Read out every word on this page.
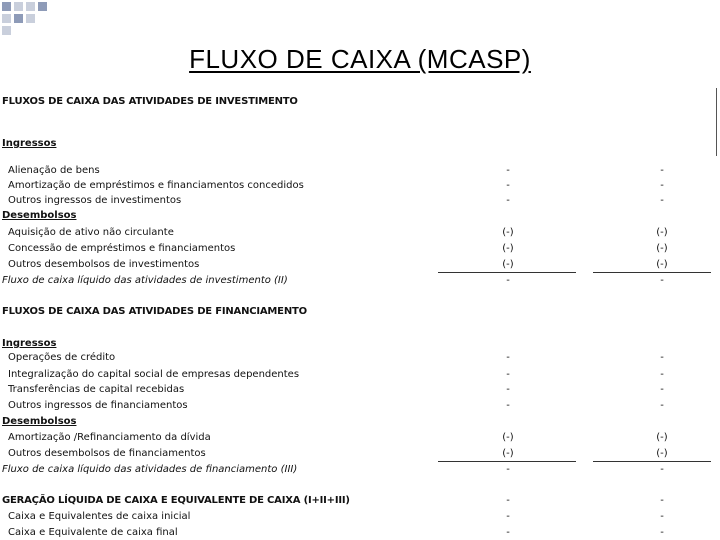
FLUXO DE CAIXA (MCASP)
FLUXOS DE CAIXA DAS ATIVIDADES DE INVESTIMENTO
Ingressos
Alienação de bens	-	-
Amortização de empréstimos e financiamentos concedidos	-	-
Outros ingressos de investimentos	-	-
Desembolsos
Aquisição de ativo não circulante	(-)	(-)
Concessão de empréstimos e financiamentos	(-)	(-)
Outros desembolsos de investimentos	(-)	(-)
Fluxo de caixa líquido das atividades de investimento (II)	-	-
FLUXOS DE CAIXA DAS ATIVIDADES DE FINANCIAMENTO
Ingressos
Operações de crédito	-	-
Integralização do capital social de empresas dependentes	-	-
Transferências de capital recebidas	-	-
Outros ingressos de financiamentos	-	-
Desembolsos
Amortização /Refinanciamento da dívida	(-)	(-)
Outros desembolsos de financiamentos	(-)	(-)
Fluxo de caixa líquido das atividades de financiamento (III)	-	-
GERAÇÃO LÍQUIDA DE CAIXA E EQUIVALENTE DE CAIXA (I+II+III)	-	-
Caixa e Equivalentes de caixa inicial	-	-
Caixa e Equivalente de caixa final	-	-
